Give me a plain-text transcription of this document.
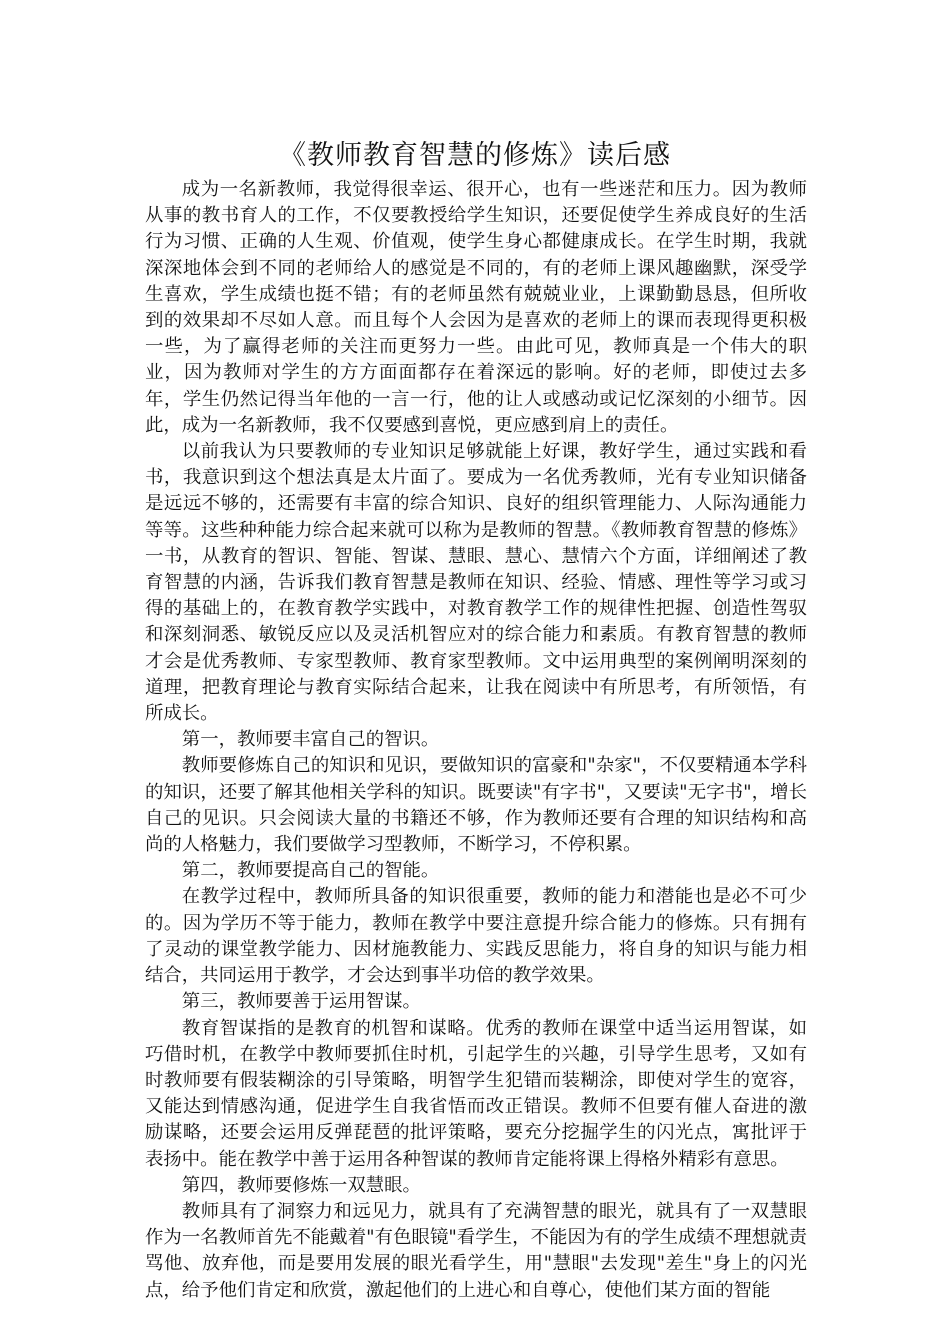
《教师教育智慧的修炼》读后感

成为一名新教师，我觉得很幸运、很开心，也有一些迷茫和压力。因为教师从事的教书育人的工作，不仅要教授给学生知识，还要促使学生养成良好的生活行为习惯、正确的人生观、价值观，使学生身心都健康成长。在学生时期，我就深深地体会到不同的老师给人的感觉是不同的，有的老师上课风趣幽默，深受学生喜欢，学生成绩也挺不错；有的老师虽然有兢兢业业，上课勤勤恳恳，但所收到的效果却不尽如人意。而且每个人会因为是喜欢的老师上的课而表现得更积极一些，为了赢得老师的关注而更努力一些。由此可见，教师真是一个伟大的职业，因为教师对学生的方方面面都存在着深远的影响。好的老师，即使过去多年，学生仍然记得当年他的一言一行，他的让人或感动或记忆深刻的小细节。因此，成为一名新教师，我不仅要感到喜悦，更应感到肩上的责任。

以前我认为只要教师的专业知识足够就能上好课，教好学生，通过实践和看书，我意识到这个想法真是太片面了。要成为一名优秀教师，光有专业知识储备是远远不够的，还需要有丰富的综合知识、良好的组织管理能力、人际沟通能力等等。这些种种能力综合起来就可以称为是教师的智慧。《教师教育智慧的修炼》一书，从教育的智识、智能、智谋、慧眼、慧心、慧情六个方面，详细阐述了教育智慧的内涵，告诉我们教育智慧是教师在知识、经验、情感、理性等学习或习得的基础上的，在教育教学实践中，对教育教学工作的规律性把握、创造性驾驭和深刻洞悉、敏锐反应以及灵活机智应对的综合能力和素质。有教育智慧的教师才会是优秀教师、专家型教师、教育家型教师。文中运用典型的案例阐明深刻的道理，把教育理论与教育实际结合起来，让我在阅读中有所思考，有所领悟，有所成长。

第一，教师要丰富自己的智识。

教师要修炼自己的知识和见识，要做知识的富豪和"杂家"，不仅要精通本学科的知识，还要了解其他相关学科的知识。既要读"有字书"，又要读"无字书"，增长自己的见识。只会阅读大量的书籍还不够，作为教师还要有合理的知识结构和高尚的人格魅力，我们要做学习型教师，不断学习，不停积累。

第二，教师要提高自己的智能。

在教学过程中，教师所具备的知识很重要，教师的能力和潜能也是必不可少的。因为学历不等于能力，教师在教学中要注意提升综合能力的修炼。只有拥有了灵动的课堂教学能力、因材施教能力、实践反思能力，将自身的知识与能力相结合，共同运用于教学，才会达到事半功倍的教学效果。

第三，教师要善于运用智谋。

教育智谋指的是教育的机智和谋略。优秀的教师在课堂中适当运用智谋，如巧借时机，在教学中教师要抓住时机，引起学生的兴趣，引导学生思考，又如有时教师要有假装糊涂的引导策略，明智学生犯错而装糊涂，即使对学生的宽容，又能达到情感沟通，促进学生自我省悟而改正错误。教师不但要有催人奋进的激励谋略，还要会运用反弹琵琶的批评策略，要充分挖掘学生的闪光点，寓批评于表扬中。能在教学中善于运用各种智谋的教师肯定能将课上得格外精彩有意思。

第四，教师要修炼一双慧眼。

教师具有了洞察力和远见力，就具有了充满智慧的眼光，就具有了一双慧眼作为一名教师首先不能戴着"有色眼镜"看学生，不能因为有的学生成绩不理想就责骂他、放弃他，而是要用发展的眼光看学生，用"慧眼"去发现"差生"身上的闪光点，给予他们肯定和欣赏，激起他们的上进心和自尊心，使他们某方面的智能
